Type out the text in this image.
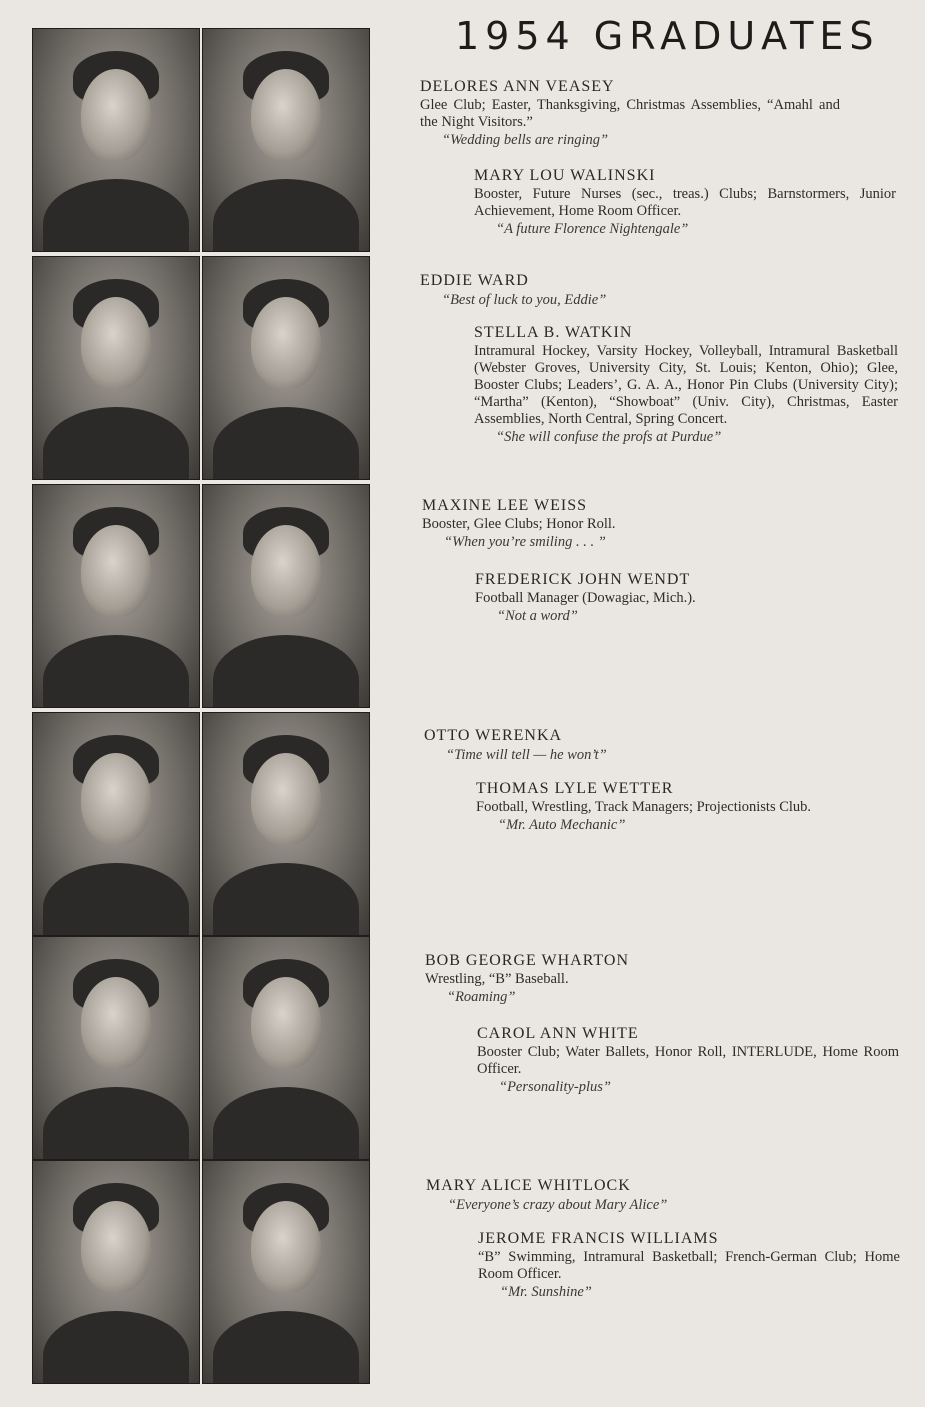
1954 GRADUATES
DELORES ANN VEASEY
Glee Club; Easter, Thanksgiving, Christmas Assemblies, “Amahl and the Night Visitors.”
“Wedding bells are ringing”
MARY LOU WALINSKI
Booster, Future Nurses (sec., treas.) Clubs; Barnstormers, Junior Achievement, Home Room Officer.
“A future Florence Nightengale”
EDDIE WARD
“Best of luck to you, Eddie”
STELLA B. WATKIN
Intramural Hockey, Varsity Hockey, Volleyball, Intramural Basketball (Webster Groves, University City, St. Louis; Kenton, Ohio); Glee, Booster Clubs; Leaders’, G. A. A., Honor Pin Clubs (University City); “Martha” (Kenton), “Showboat” (Univ. City), Christmas, Easter Assemblies, North Central, Spring Concert.
“She will confuse the profs at Purdue”
MAXINE LEE WEISS
Booster, Glee Clubs; Honor Roll.
“When you’re smiling . . . ”
FREDERICK JOHN WENDT
Football Manager (Dowagiac, Mich.).
“Not a word”
OTTO WERENKA
“Time will tell — he won’t”
THOMAS LYLE WETTER
Football, Wrestling, Track Managers; Projectionists Club.
“Mr. Auto Mechanic”
BOB GEORGE WHARTON
Wrestling, “B” Baseball.
“Roaming”
CAROL ANN WHITE
Booster Club; Water Ballets, Honor Roll, INTERLUDE, Home Room Officer.
“Personality-plus”
MARY ALICE WHITLOCK
“Everyone’s crazy about Mary Alice”
JEROME FRANCIS WILLIAMS
“B” Swimming, Intramural Basketball; French-German Club; Home Room Officer.
“Mr. Sunshine”
